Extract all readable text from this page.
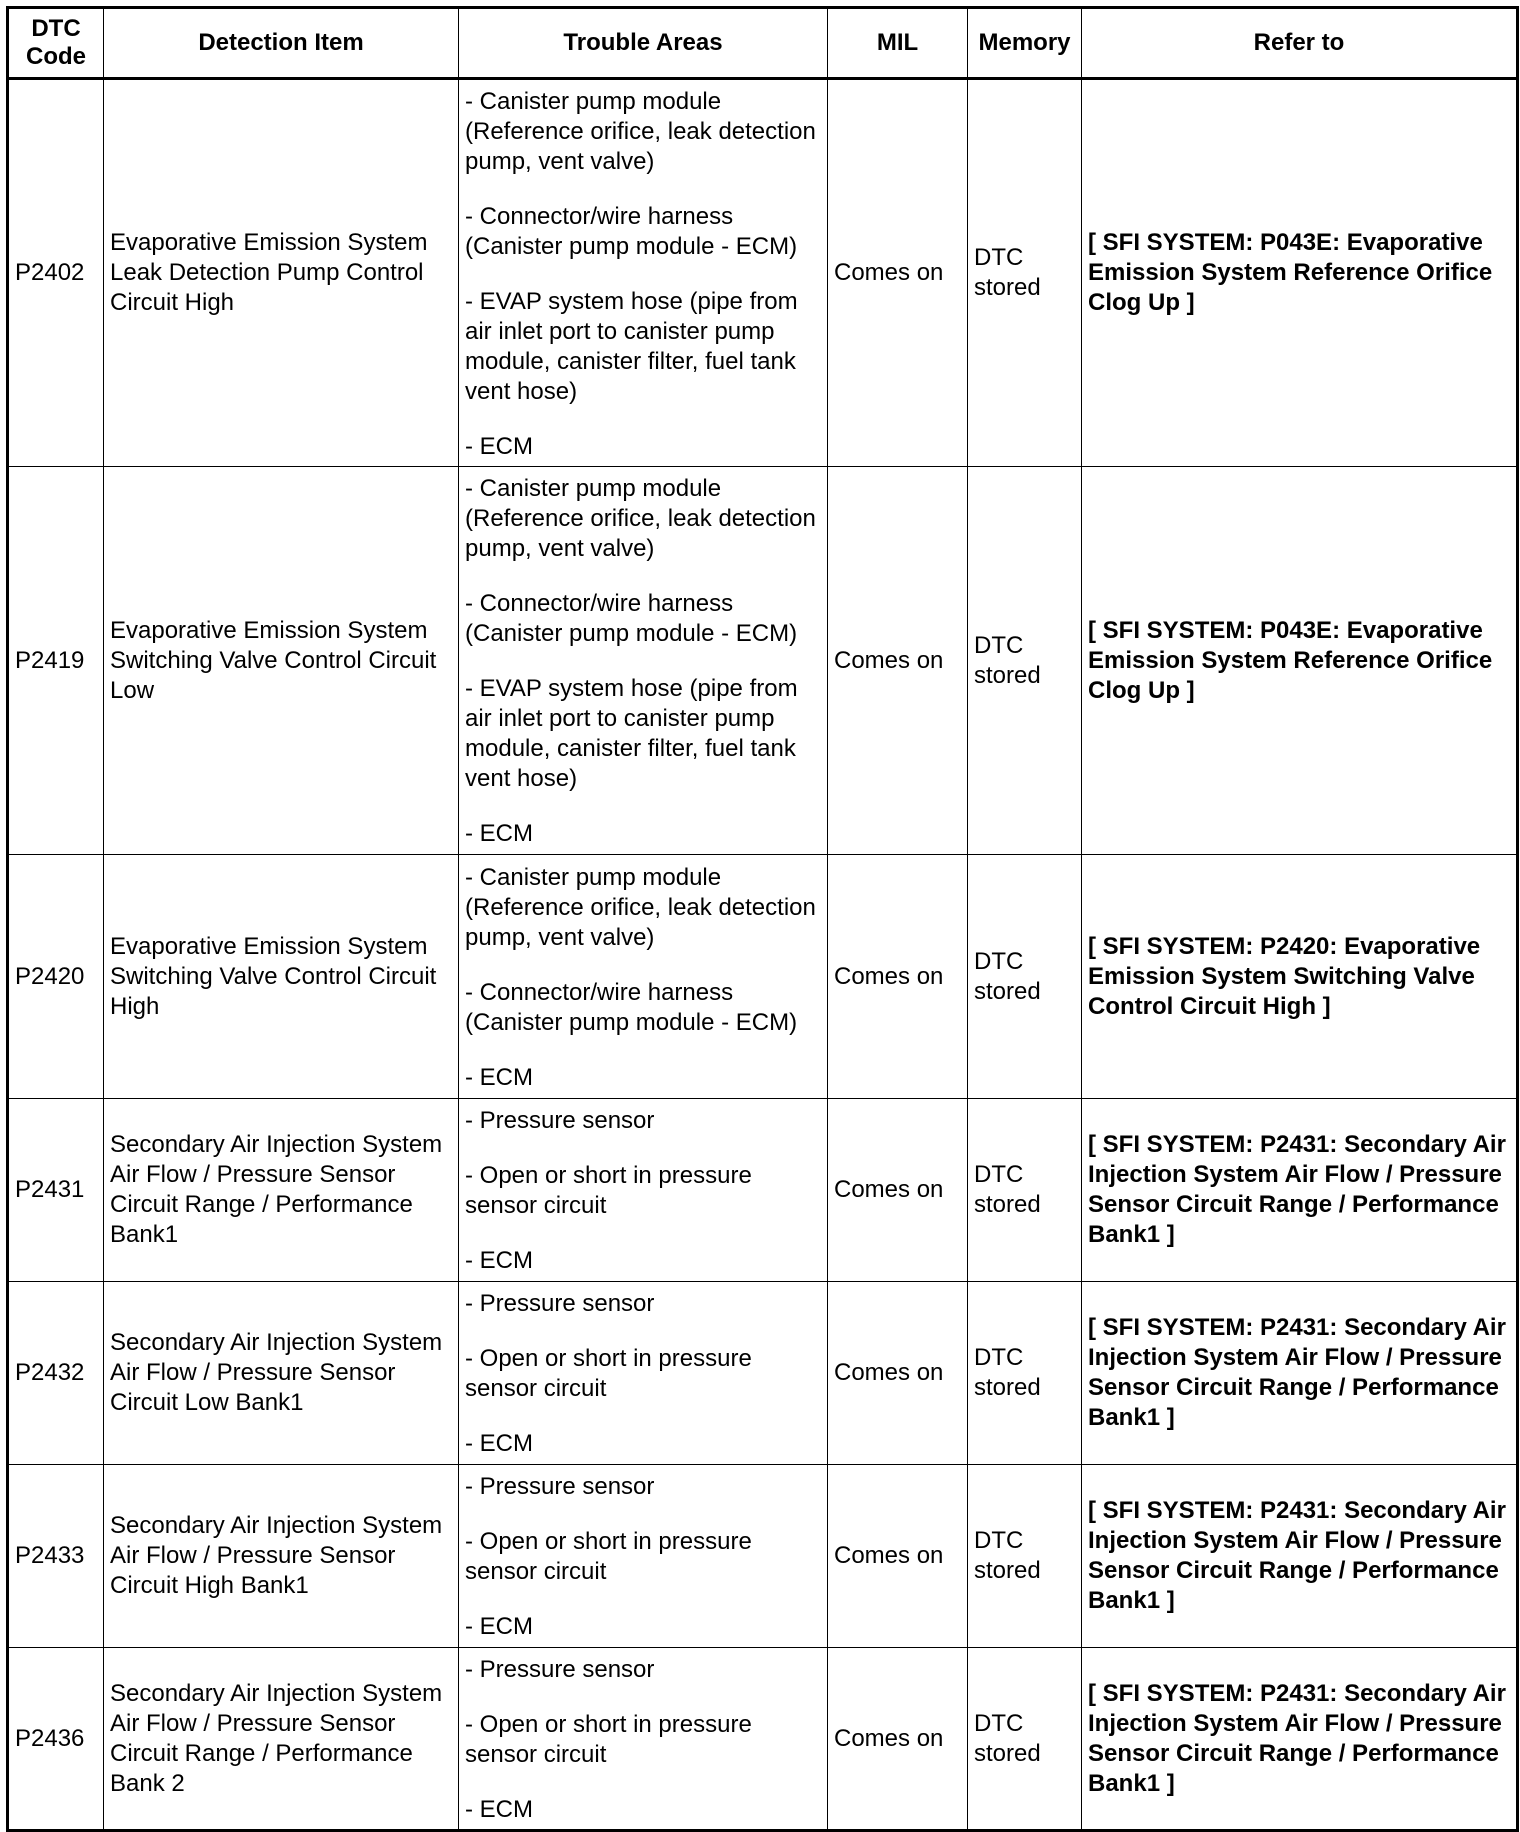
DTC Code	Detection Item	Trouble Areas	MIL	Memory	Refer to
P2402	Evaporative Emission System Leak Detection Pump Control Circuit High	- Canister pump module (Reference orifice, leak detection pump, vent valve)
- Connector/wire harness (Canister pump module - ECM)
- EVAP system hose (pipe from air inlet port to canister pump module, canister filter, fuel tank vent hose)
- ECM	Comes on	DTC stored	[ SFI SYSTEM: P043E: Evaporative Emission System Reference Orifice Clog Up ]
P2419	Evaporative Emission System Switching Valve Control Circuit Low	- Canister pump module (Reference orifice, leak detection pump, vent valve)
- Connector/wire harness (Canister pump module - ECM)
- EVAP system hose (pipe from air inlet port to canister pump module, canister filter, fuel tank vent hose)
- ECM	Comes on	DTC stored	[ SFI SYSTEM: P043E: Evaporative Emission System Reference Orifice Clog Up ]
P2420	Evaporative Emission System Switching Valve Control Circuit High	- Canister pump module (Reference orifice, leak detection pump, vent valve)
- Connector/wire harness (Canister pump module - ECM)
- ECM	Comes on	DTC stored	[ SFI SYSTEM: P2420: Evaporative Emission System Switching Valve Control Circuit High ]
P2431	Secondary Air Injection System Air Flow / Pressure Sensor Circuit Range / Performance Bank1	- Pressure sensor
- Open or short in pressure sensor circuit
- ECM	Comes on	DTC stored	[ SFI SYSTEM: P2431: Secondary Air Injection System Air Flow / Pressure Sensor Circuit Range / Performance Bank1 ]
P2432	Secondary Air Injection System Air Flow / Pressure Sensor Circuit Low Bank1	- Pressure sensor
- Open or short in pressure sensor circuit
- ECM	Comes on	DTC stored	[ SFI SYSTEM: P2431: Secondary Air Injection System Air Flow / Pressure Sensor Circuit Range / Performance Bank1 ]
P2433	Secondary Air Injection System Air Flow / Pressure Sensor Circuit High Bank1	- Pressure sensor
- Open or short in pressure sensor circuit
- ECM	Comes on	DTC stored	[ SFI SYSTEM: P2431: Secondary Air Injection System Air Flow / Pressure Sensor Circuit Range / Performance Bank1 ]
P2436	Secondary Air Injection System Air Flow / Pressure Sensor Circuit Range / Performance Bank 2	- Pressure sensor
- Open or short in pressure sensor circuit
- ECM	Comes on	DTC stored	[ SFI SYSTEM: P2431: Secondary Air Injection System Air Flow / Pressure Sensor Circuit Range / Performance Bank1 ]
